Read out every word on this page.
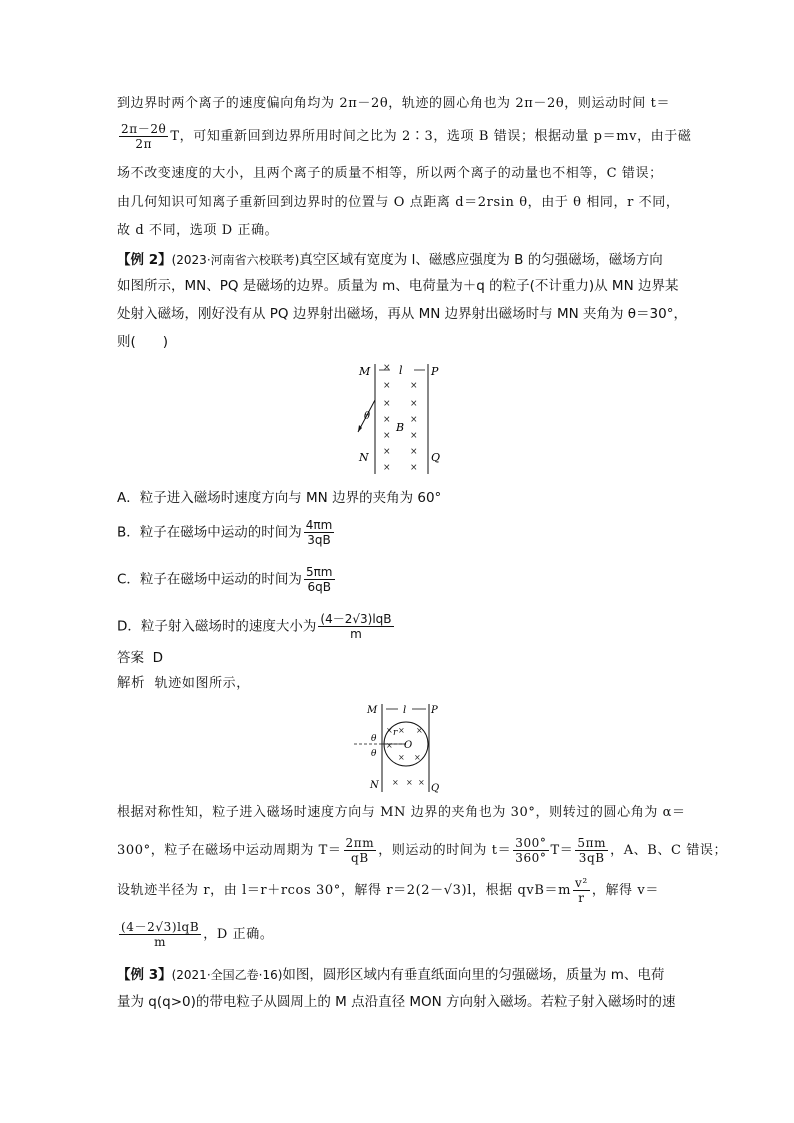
到边界时两个离子的速度偏向角均为 2π－2θ，轨迹的圆心角也为 2π－2θ，则运动时间 t＝
$\frac{2\pi-2\theta}{2\pi}$ T，可知重新回到边界所用时间之比为 2∶3，选项 B 错误；根据动量 p＝mv，由于磁
场不改变速度的大小，且两个离子的质量不相等，所以两个离子的动量也不相等，C 错误；
由几何知识可知离子重新回到边界时的位置与 O 点距离 d＝2rsin θ，由于 θ 相同，r 不同，
故 d 不同，选项 D 正确。
【例 2】(2023·河南省六校联考)真空区域有宽度为 l、磁感应强度为 B 的匀强磁场，磁场方向
如图所示，MN、PQ 是磁场的边界。质量为 m、电荷量为＋q 的粒子(不计重力)从 MN 边界某
处射入磁场，刚好没有从 PQ 边界射出磁场，再从 MN 边界射出磁场时与 MN 夹角为 θ＝30°，
则(　　)
M
N
P
Q
l
B
θ
×
×
×
×
×
×
×
×
×
×
×
×
×
A．粒子进入磁场时速度方向与 MN 边界的夹角为 60°
B．粒子在磁场中运动的时间为 $\frac{4\pi m}{3qB}$
C．粒子在磁场中运动的时间为 $\frac{5\pi m}{6qB}$
D．粒子射入磁场时的速度大小为 $\frac{\text{(4－2√3)lqB}}{m}$
答案 D
解析 轨迹如图所示，
M
N
P
Q
l
O
r
θ
θ
×
×
× ×
× ×
× × ×
根据对称性知，粒子进入磁场时速度方向与 MN 边界的夹角也为 30°，则转过的圆心角为 α＝
300°，粒子在磁场中运动周期为 $T= \frac{2\pi m}{qB}$ ，则运动的时间为 $t= \frac{300^\circ}{360^\circ} T= \frac{5\pi m}{3qB}$ ，A、B、C 错误；
设轨迹半径为 r，由 l＝r＋rcos 30°，解得 r＝2(2－√3)l，根据 $qvB=m \frac{\text{v²}}{r}$ ，解得 v＝
$\frac{\text{(4－2√3)lqB}}{m}$ ，D 正确。
【例 3】(2021·全国乙卷·16)如图，圆形区域内有垂直纸面向里的匀强磁场，质量为 m、电荷
量为 q(q>0)的带电粒子从圆周上的 M 点沿直径 MON 方向射入磁场。若粒子射入磁场时的速
